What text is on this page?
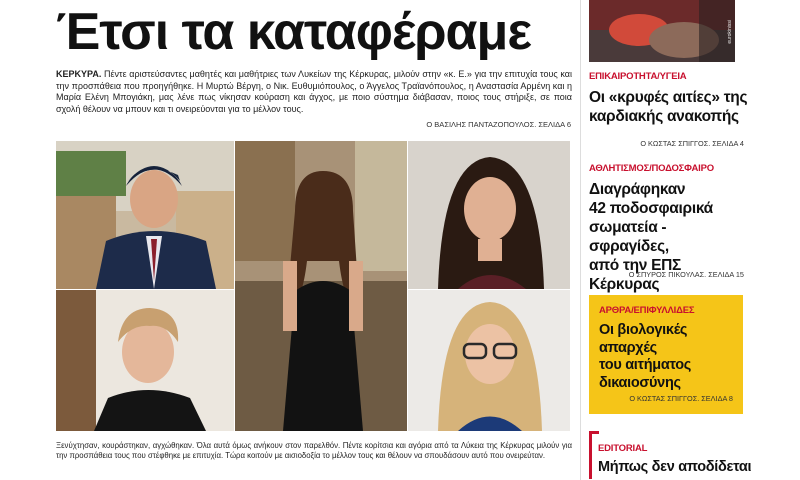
Έτσι τα καταφέραμε
ΚΕΡΚΥΡΑ. Πέντε αριστεύσαντες μαθητές και μαθήτριες των Λυκείων της Κέρκυρας, μιλούν στην «κ. Ε.» για την επιτυχία τους και την προσπάθεια που προηγήθηκε. Η Μυρτώ Βέργη, ο Νικ. Ευθυμιόπουλος, ο Άγγελος Τραϊανόπουλος, η Αναστασία Αρμένη και η Μαρία Ελένη Μπογιάκη, μας λένε πως νίκησαν κούραση και άγχος, με ποιο σύστημα διάβασαν, ποιος τους στήριξε, σε ποια σχολή θέλουν να μπουν και τι ονειρεύονται για το μέλλον τους.
Ο ΒΑΣΙΛΗΣ ΠΑΝΤΑΖΟΠΟΥΛΟΣ. ΣΕΛΙΔΑ 6
Ξενύχτησαν, κουράστηκαν, αγχώθηκαν. Όλα αυτά όμως ανήκουν στον παρελθόν. Πέντε κορίτσια και αγόρια από τα Λύκεια της Κέρκυρας μιλούν για την προσπάθεια τους που στέφθηκε με επιτυχία. Τώρα κοιτούν με αισιοδοξία το μέλλον τους και θέλουν να σπουδάσουν αυτό που ονειρεύταν.
eurokinissi
ΕΠΙΚΑΙΡΟΤΗΤΑ/ΥΓΕΙΑ
Οι «κρυφές αιτίες» της
καρδιακής ανακοπής
Ο ΚΩΣΤΑΣ ΣΠΙΓΓΟΣ. ΣΕΛΙΔΑ 4
ΑΘΛΗΤΙΣΜΟΣ/ΠΟΔΟΣΦΑΙΡΟ
Διαγράφηκαν
42 ποδοσφαιρικά
σωματεία - σφραγίδες,
από την ΕΠΣ Κέρκυρας
Ο ΣΠΥΡΟΣ ΠΙΚΟΥΛΑΣ. ΣΕΛΙΔΑ 15
ΑΡΘΡΑ/ΕΠΙΦΥΛΛΙΔΕΣ
Οι βιολογικές απαρχές
του αιτήματος
δικαιοσύνης
Ο ΚΩΣΤΑΣ ΣΠΙΓΓΟΣ. ΣΕΛΙΔΑ 8
EDITORIAL
Μήπως δεν αποδίδεται
